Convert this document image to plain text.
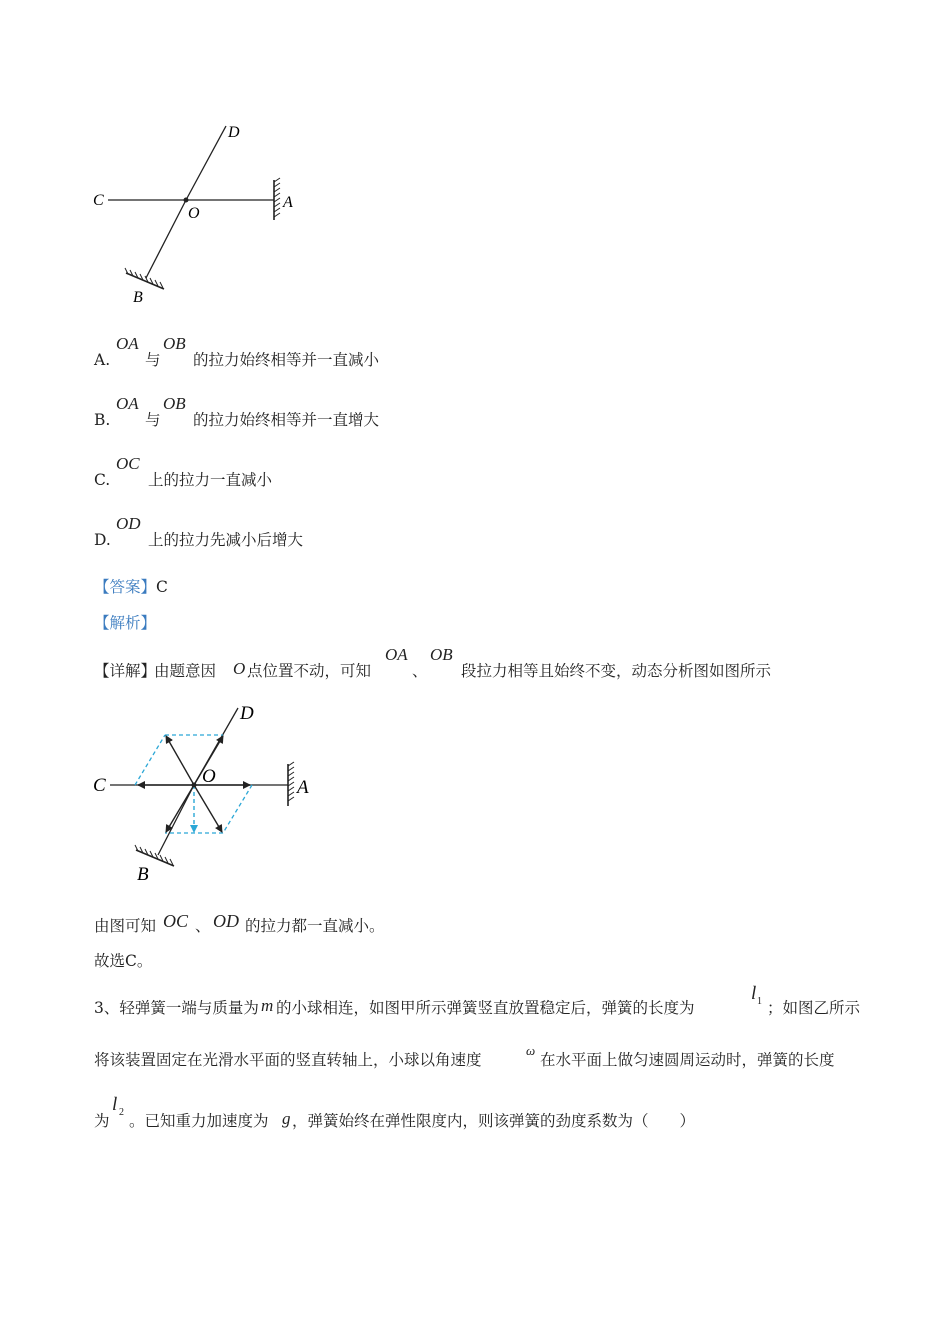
C
D
O
A
B
A.
OA
与
OB
的拉力始终相等并一直减小
B.
OA
与
OB
的拉力始终相等并一直增大
C.
OC
上的拉力一直减小
D.
OD
上的拉力先减小后增大
【答案】C
【解析】
【详解】
由题意因 O 点位置不动，可知
OA
、
OB
段拉力相等且始终不变，动态分析图如图所示
C
D
O
A
B
由图可知 OC 、 OD 的拉力都一直减小。
故选C。
3、轻弹簧一端与质量为 m 的小球相连，如图甲所示弹簧竖直放置稳定后，弹簧的长度为
l 1 ；如图乙所示
将该装置固定在光滑水平面的竖直转轴上，小球以角速度
ω
在水平面上做匀速圆周运动时，弹簧的长度
为
l 2 。已知重力加速度为 g ，弹簧始终在弹性限度内，则该弹簧的劲度系数为（　　）
